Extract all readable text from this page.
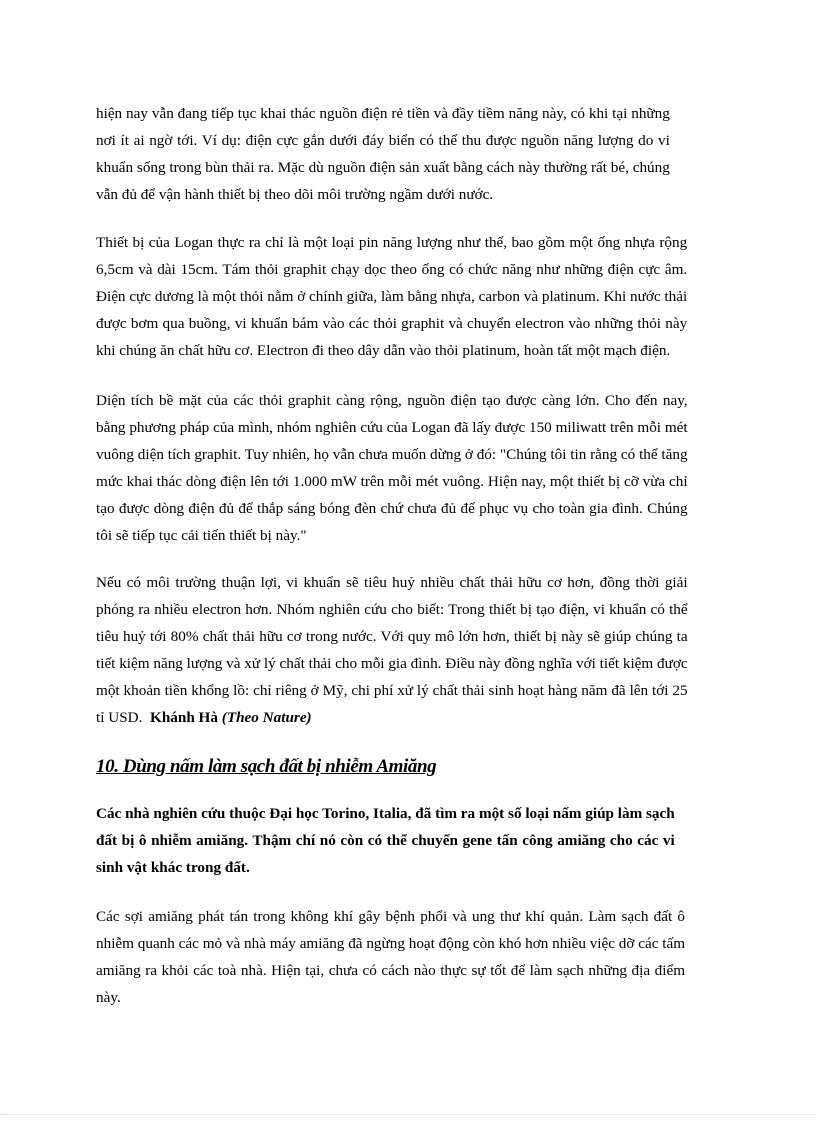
hiện nay vẫn đang tiếp tục khai thác nguồn điện rẻ tiền và đầy tiềm năng này, có khi tại những
nơi ít ai ngờ tới. Ví dụ: điện cực gắn dưới đáy biển có thể thu được nguồn năng lượng do vi
khuẩn sống trong bùn thải ra. Mặc dù nguồn điện sản xuất bằng cách này thường rất bé, chúng
vẫn đủ để vận hành thiết bị theo dõi môi trường ngầm dưới nước.

Thiết bị của Logan thực ra chỉ là một loại pin năng lượng như thế, bao gồm một ống nhựa rộng
6,5cm và dài 15cm. Tám thỏi graphit chạy dọc theo ống có chức năng như những điện cực âm.
Điện cực dương là một thỏi nằm ở chính giữa, làm bằng nhựa, carbon và platinum. Khi nước thải
được bơm qua buồng, vi khuẩn bám vào các thỏi graphit và chuyển electron vào những thỏi này
khi chúng ăn chất hữu cơ. Electron đi theo dây dẫn vào thỏi platinum, hoàn tất một mạch điện.

Diện tích bề mặt của các thỏi graphit càng rộng, nguồn điện tạo được càng lớn. Cho đến nay,
bằng phương pháp của mình, nhóm nghiên cứu của Logan đã lấy được 150 miliwatt trên mỗi mét
vuông diện tích graphit. Tuy nhiên, họ vẫn chưa muốn dừng ở đó: "Chúng tôi tin rằng có thể tăng
mức khai thác dòng điện lên tới 1.000 mW trên mỗi mét vuông. Hiện nay, một thiết bị cỡ vừa chỉ
tạo được dòng điện đủ để thắp sáng bóng đèn chứ chưa đủ để phục vụ cho toàn gia đình. Chúng
tôi sẽ tiếp tục cải tiến thiết bị này."

Nếu có môi trường thuận lợi, vi khuẩn sẽ tiêu huỷ nhiều chất thải hữu cơ hơn, đồng thời giải
phóng ra nhiều electron hơn. Nhóm nghiên cứu cho biết: Trong thiết bị tạo điện, vi khuẩn có thể
tiêu huỷ tới 80% chất thải hữu cơ trong nước. Với quy mô lớn hơn, thiết bị này sẽ giúp chúng ta
tiết kiệm năng lượng và xử lý chất thải cho mỗi gia đình. Điều này đồng nghĩa với tiết kiệm được
một khoản tiền khổng lồ: chỉ riêng ở Mỹ, chi phí xử lý chất thải sinh hoạt hàng năm đã lên tới 25
tỉ USD. Khánh Hà (Theo Nature)

10. Dùng nấm làm sạch đất bị nhiễm Amiăng

Các nhà nghiên cứu thuộc Đại học Torino, Italia, đã tìm ra một số loại nấm giúp làm sạch
đất bị ô nhiễm amiăng. Thậm chí nó còn có thể chuyển gene tấn công amiăng cho các vi
sinh vật khác trong đất.

Các sợi amiăng phát tán trong không khí gây bệnh phổi và ung thư khí quản. Làm sạch đất ô
nhiễm quanh các mỏ và nhà máy amiăng đã ngừng hoạt động còn khó hơn nhiều việc dỡ các tấm
amiăng ra khỏi các toà nhà. Hiện tại, chưa có cách nào thực sự tốt để làm sạch những địa điểm
này.
